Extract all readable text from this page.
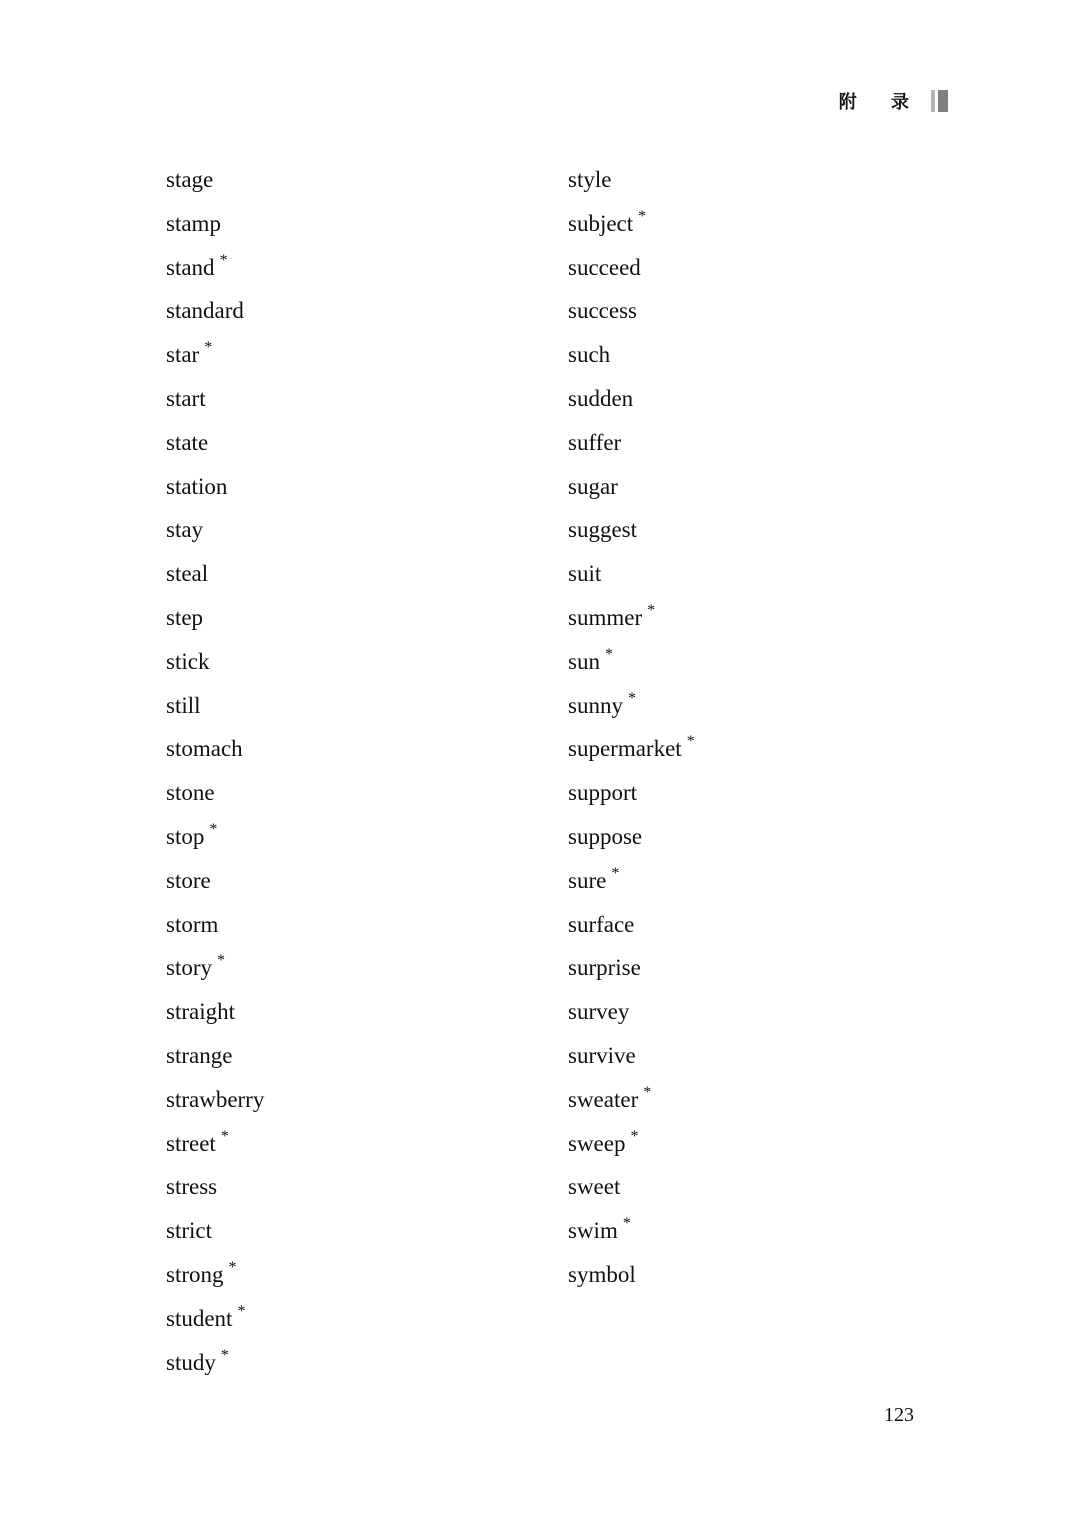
附 录
stage
stamp
stand *
standard
star *
start
state
station
stay
steal
step
stick
still
stomach
stone
stop *
store
storm
story *
straight
strange
strawberry
street *
stress
strict
strong *
student *
study *
style
subject *
succeed
success
such
sudden
suffer
sugar
suggest
suit
summer *
sun *
sunny *
supermarket *
support
suppose
sure *
surface
surprise
survey
survive
sweater *
sweep *
sweet
swim *
symbol
123
